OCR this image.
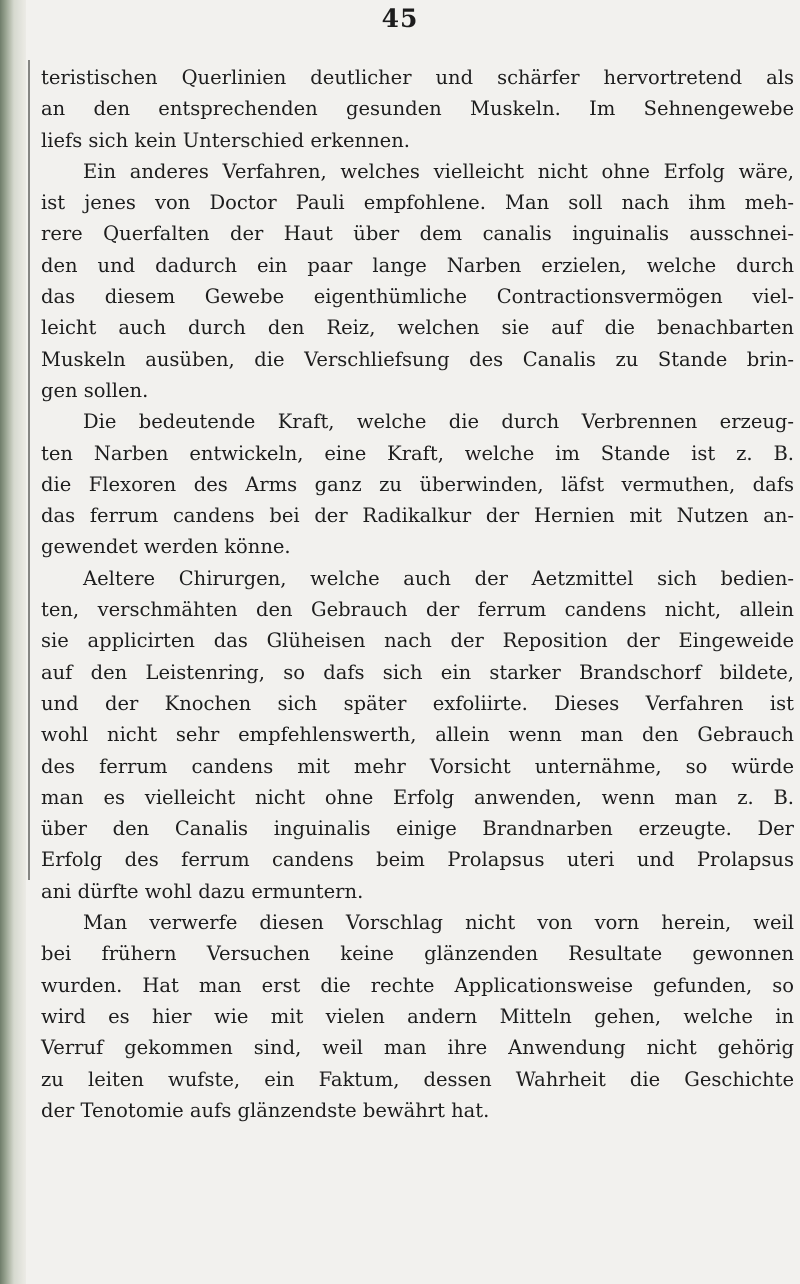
45
teristischen Querlinien deutlicher und schärfer hervortretend als
an den entsprechenden gesunden Muskeln. Im Sehnengewebe
liefs sich kein Unterschied erkennen.
Ein anderes Verfahren, welches vielleicht nicht ohne Erfolg wäre,
ist jenes von Doctor Pauli empfohlene. Man soll nach ihm meh-
rere Querfalten der Haut über dem canalis inguinalis ausschnei-
den und dadurch ein paar lange Narben erzielen, welche durch
das diesem Gewebe eigenthümliche Contractionsvermögen viel-
leicht auch durch den Reiz, welchen sie auf die benachbarten
Muskeln ausüben, die Verschliefsung des Canalis zu Stande brin-
gen sollen.
Die bedeutende Kraft, welche die durch Verbrennen erzeug-
ten Narben entwickeln, eine Kraft, welche im Stande ist z. B.
die Flexoren des Arms ganz zu überwinden, läfst vermuthen, dafs
das ferrum candens bei der Radikalkur der Hernien mit Nutzen an-
gewendet werden könne.
Aeltere Chirurgen, welche auch der Aetzmittel sich bedien-
ten, verschmähten den Gebrauch der ferrum candens nicht, allein
sie applicirten das Glüheisen nach der Reposition der Eingeweide
auf den Leistenring, so dafs sich ein starker Brandschorf bildete,
und der Knochen sich später exfoliirte. Dieses Verfahren ist
wohl nicht sehr empfehlenswerth, allein wenn man den Gebrauch
des ferrum candens mit mehr Vorsicht unternähme, so würde
man es vielleicht nicht ohne Erfolg anwenden, wenn man z. B.
über den Canalis inguinalis einige Brandnarben erzeugte. Der
Erfolg des ferrum candens beim Prolapsus uteri und Prolapsus
ani dürfte wohl dazu ermuntern.
Man verwerfe diesen Vorschlag nicht von vorn herein, weil
bei frühern Versuchen keine glänzenden Resultate gewonnen
wurden. Hat man erst die rechte Applicationsweise gefunden, so
wird es hier wie mit vielen andern Mitteln gehen, welche in
Verruf gekommen sind, weil man ihre Anwendung nicht gehörig
zu leiten wufste, ein Faktum, dessen Wahrheit die Geschichte
der Tenotomie aufs glänzendste bewährt hat.
